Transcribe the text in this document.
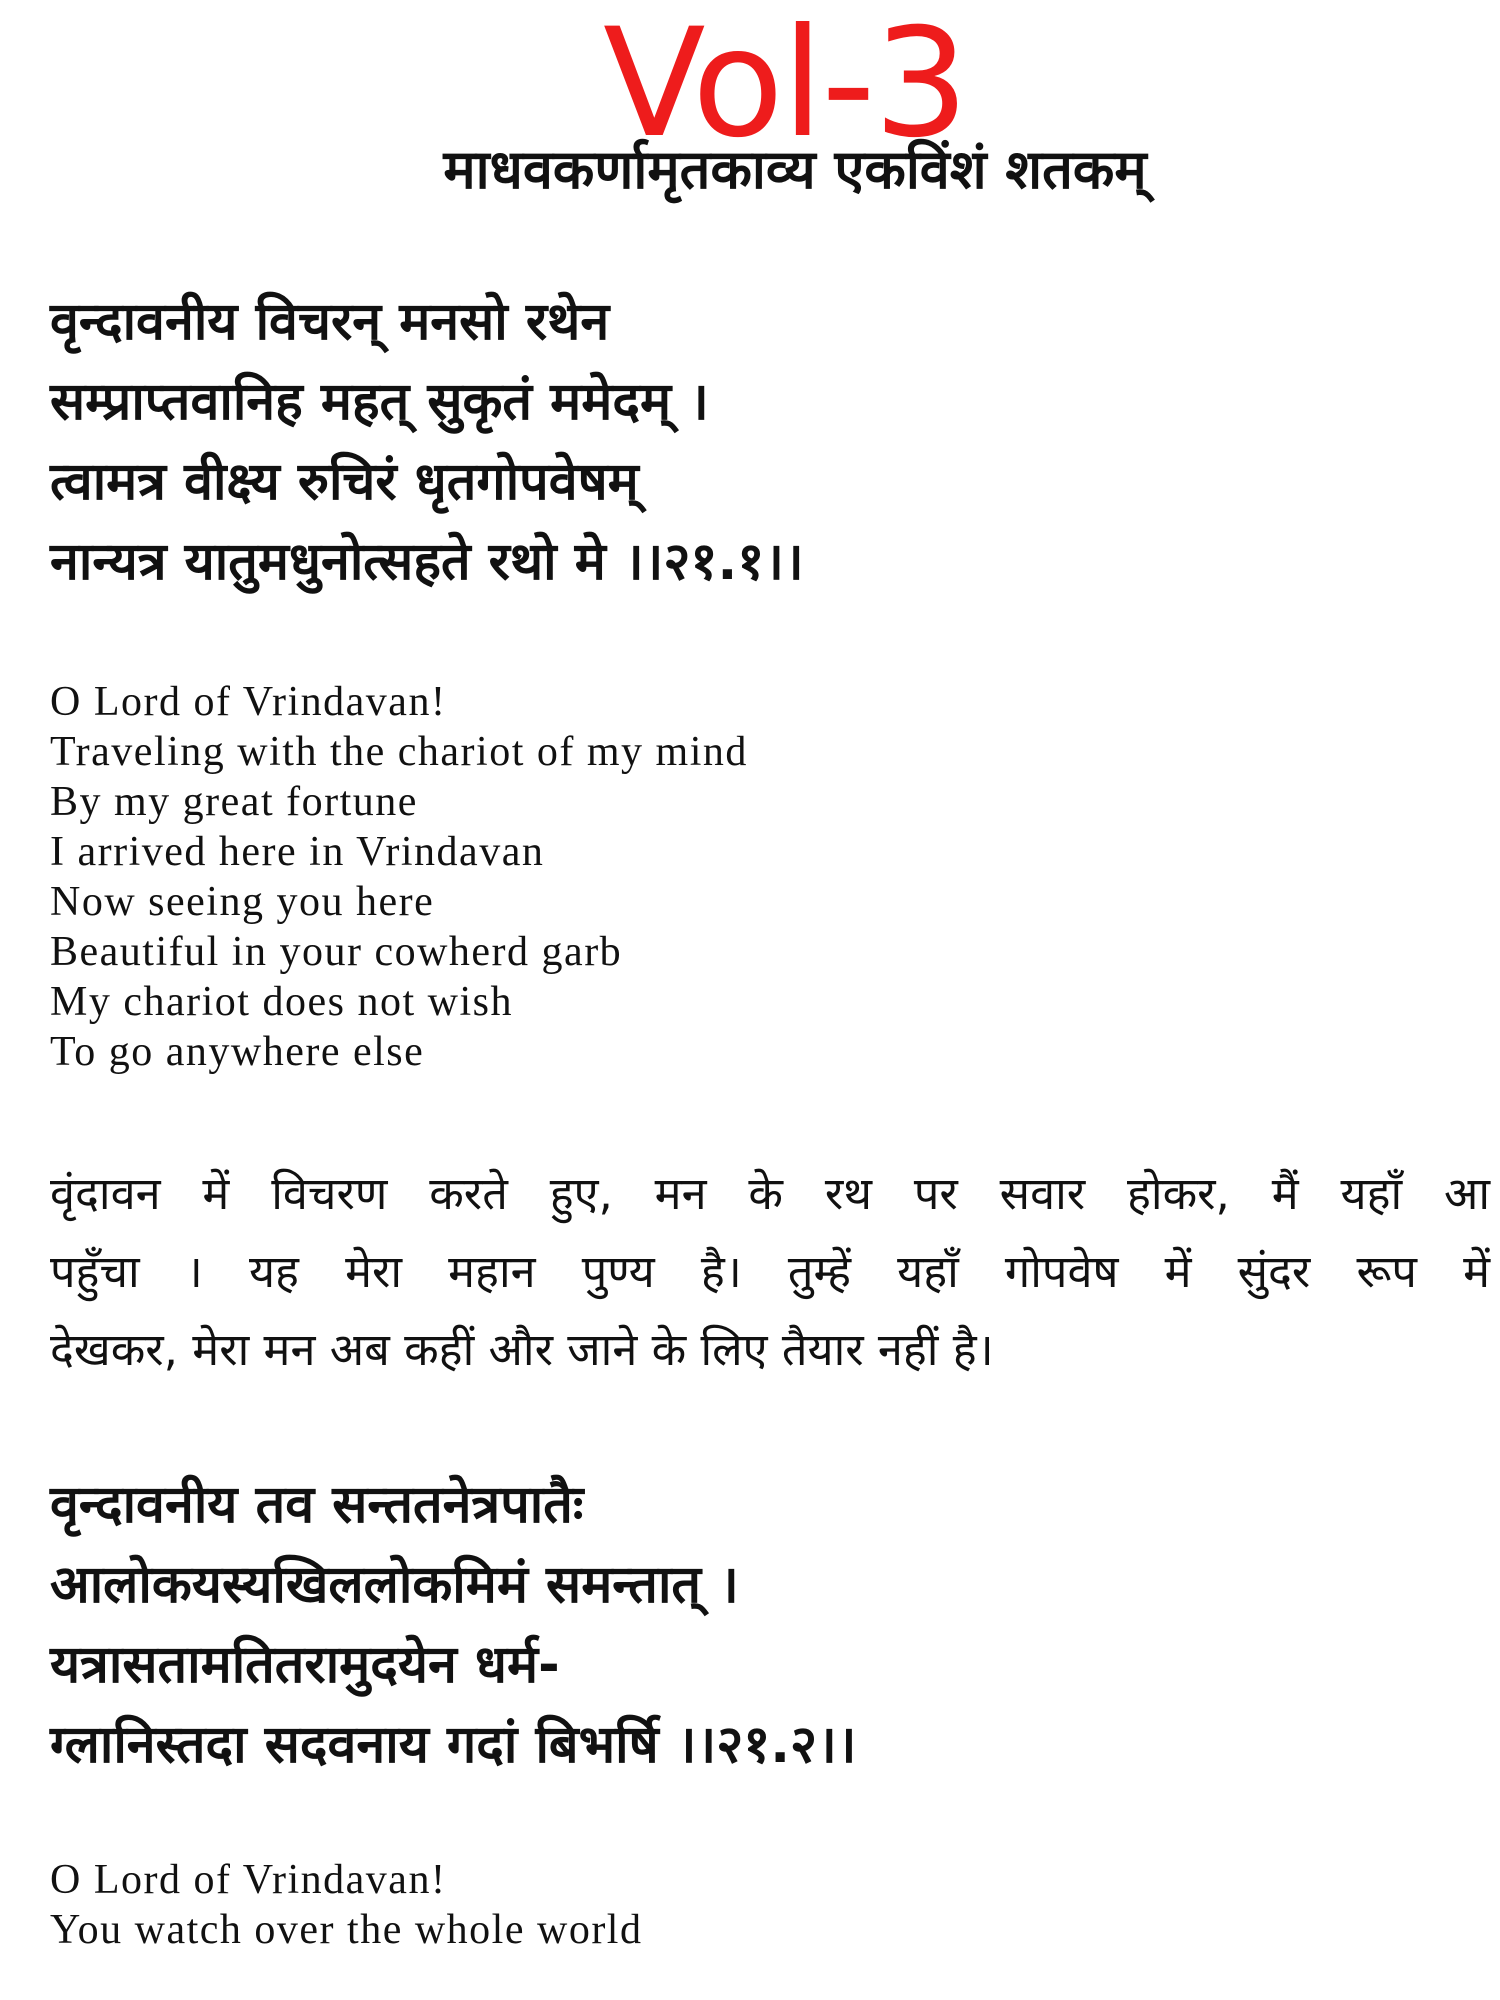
Vol-3
माधवकर्णामृतकाव्य एकविंशं शतकम्
वृन्दावनीय विचरन् मनसो रथेन
सम्प्राप्तवानिह महत् सुकृतं ममेदम् ।
त्वामत्र वीक्ष्य रुचिरं धृतगोपवेषम्
नान्यत्र यातुमधुनोत्सहते रथो मे ।।२१.१।।
O Lord of Vrindavan!
Traveling with the chariot of my mind
By my great fortune
I arrived here in Vrindavan
Now seeing you here
Beautiful in your cowherd garb
My chariot does not wish
To go anywhere else
वृंदावन में विचरण करते हुए, मन के रथ पर सवार होकर, मैं यहाँ आ
पहुँचा । यह मेरा महान पुण्य है। तुम्हें यहाँ गोपवेष में सुंदर रूप में
देखकर, मेरा मन अब कहीं और जाने के लिए तैयार नहीं है।
वृन्दावनीय तव सन्ततनेत्रपातैः
आलोकयस्यखिललोकमिमं समन्तात् ।
यत्रासतामतितरामुदयेन धर्म-
ग्लानिस्तदा सदवनाय गदां बिभर्षि ।।२१.२।।
O Lord of Vrindavan!
You watch over the whole world
